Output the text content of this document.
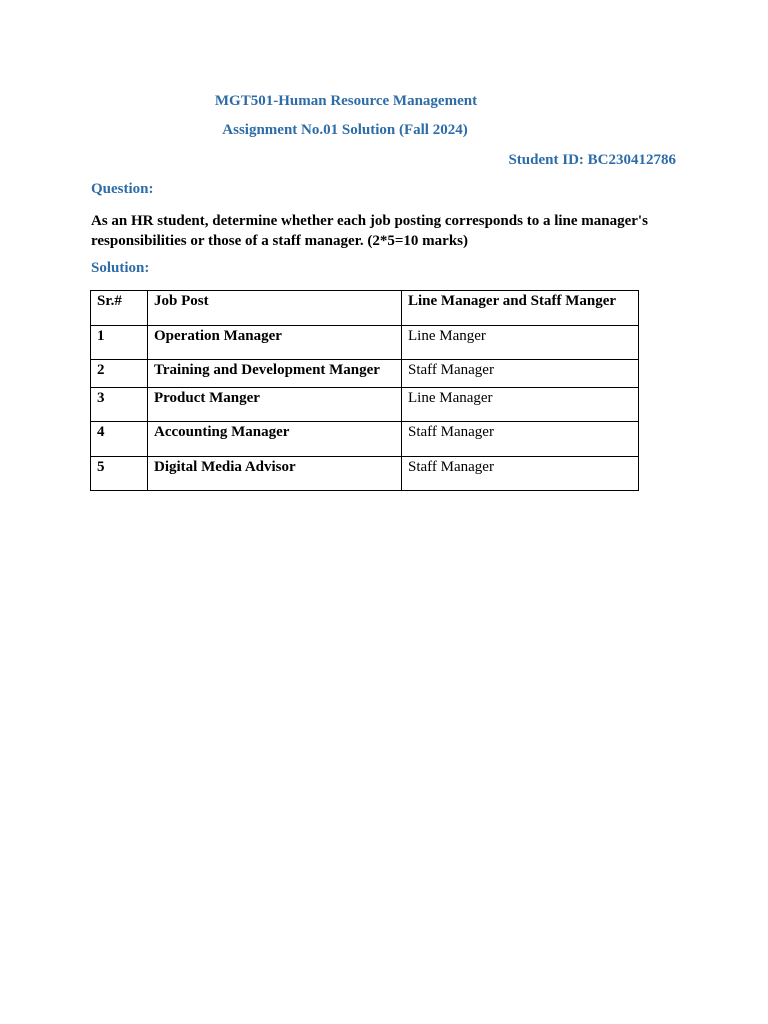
MGT501-Human Resource Management
Assignment No.01 Solution (Fall 2024)
Student ID: BC230412786
Question:
As an HR student, determine whether each job posting corresponds to a line manager's responsibilities or those of a staff manager. (2*5=10 marks)
Solution:
Sr.#	Job Post	Line Manager and Staff Manger
1	Operation Manager	Line Manger
2	Training and Development Manger	Staff Manager
3	Product Manger	Line Manager
4	Accounting Manager	Staff Manager
5	Digital Media Advisor	Staff Manager
